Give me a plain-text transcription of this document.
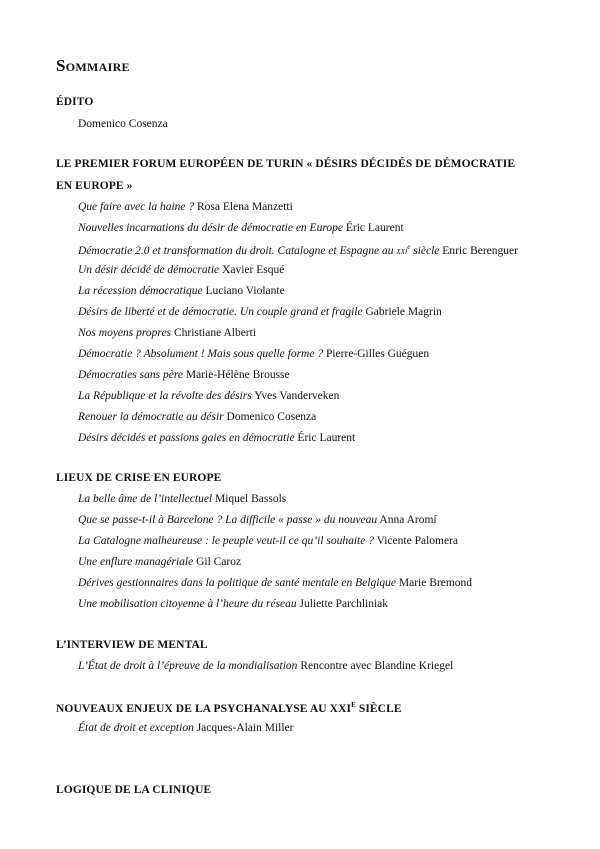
Sommaire
ÉDITO
Domenico Cosenza
LE PREMIER FORUM EUROPÉEN DE TURIN « DÉSIRS DÉCIDÉS DE DÉMOCRATIE
EN EUROPE »
Que faire avec la haine ? Rosa Elena Manzetti
Nouvelles incarnations du désir de démocratie en Europe Éric Laurent
Démocratie 2.0 et transformation du droit. Catalogne et Espagne au xxi$^e$ siècle Enric Berenguer
Un désir décidé de démocratie Xavier Esqué
La récession démocratique Luciano Violante
Désirs de liberté et de démocratie. Un couple grand et fragile Gabriele Magrin
Nos moyens propres Christiane Alberti
Démocratie ? Absolument ! Mais sous quelle forme ? Pierre-Gilles Guéguen
Démocraties sans père Marie-Hélène Brousse
La République et la révolte des désirs Yves Vanderveken
Renouer la démocratie au désir Domenico Cosenza
Désirs décidés et passions gaies en démocratie Éric Laurent
LIEUX DE CRISE EN EUROPE
La belle âme de l’intellectuel Miquel Bassols
Que se passe-t-il à Barcelone ? La difficile « passe » du nouveau Anna Aromí
La Catalogne malheureuse : le peuple veut-il ce qu’il souhaite ? Vicente Palomera
Une enflure managériale Gil Caroz
Dérives gestionnaires dans la politique de santé mentale en Belgique Marie Bremond
Une mobilisation citoyenne à l’heure du réseau Juliette Parchliniak
L’INTERVIEW DE MENTAL
L’État de droit à l’épreuve de la mondialisation Rencontre avec Blandine Kriegel
NOUVEAUX ENJEUX DE LA PSYCHANALYSE AU $XXI^E$ SIÈCLE
État de droit et exception Jacques-Alain Miller
LOGIQUE DE LA CLINIQUE
